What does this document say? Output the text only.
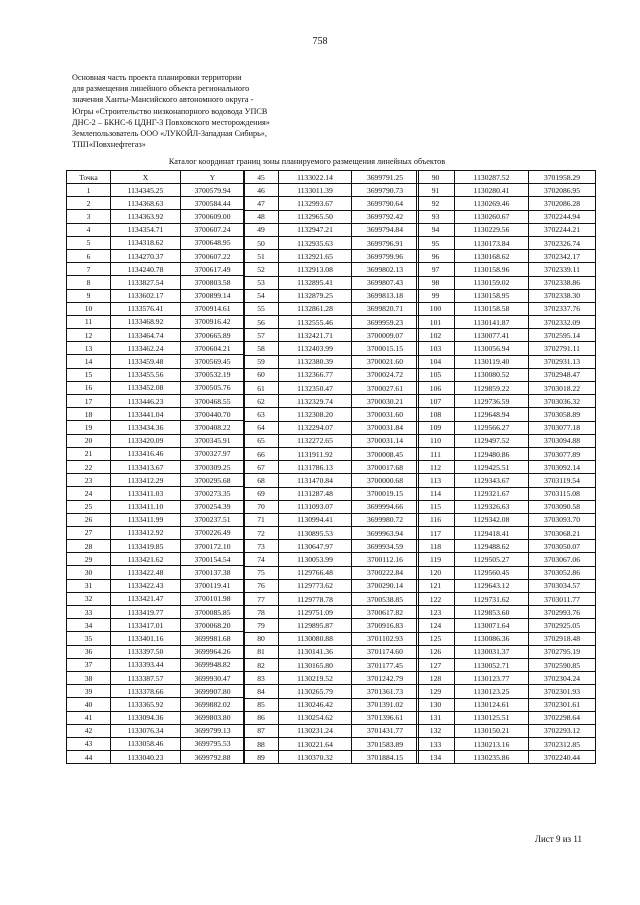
758
Основная часть проекта планировки территории
для размещения линейного объекта регионального
значения Ханты-Мансийского автономного округа -
Югры «Строительство низконапорного водовода УПСВ
ДНС-2 – БКНС-6 ЦДНГ-3 Повховского месторождения»
Землепользователь ООО «ЛУКОЙЛ-Западная Сибирь»,
ТПП«Повхнефтегаз»
Каталог координат границ зоны планируемого размещения линейных объектов
Точка	X	Y
1	1134345.25	3700579.94
2	1134368.63	3700584.44
3	1134363.92	3700609.00
4	1134354.71	3700607.24
5	1134318.62	3700648.95
6	1134270.37	3700607.22
7	1134240.78	3700617.49
8	1133827.54	3700803.58
9	1133602.17	3700899.14
10	1133576.41	3700914.61
11	1133468.92	3700916.42
12	1133464.74	3700665.89
13	1133462.24	3700604.21
14	1133459.48	3700569.45
15	1133455.56	3700532.19
16	1133452.08	3700505.76
17	1133446.23	3700468.55
18	1133441.04	3700440.70
19	1133434.36	3700408.22
20	1133420.09	3700345.91
21	1133416.46	3700327.97
22	1133413.67	3700309.25
23	1133412.29	3700295.68
24	1133411.03	3700273.35
25	1133411.10	3700254.39
26	1133411.99	3700237.51
27	1133412.92	3700226.49
28	1133419.85	3700172.10
29	1133421.62	3700154.54
30	1133422.48	3700137.38
31	1133422.43	3700119.41
32	1133421.47	3700101.98
33	1133419.77	3700085.85
34	1133417.01	3700068.20
35	1133401.16	3699981.68
36	1133397.50	3699964.26
37	1133393.44	3699948.82
38	1133387.57	3699930.47
39	1133378.66	3699907.80
40	1133365.92	3699882.02
41	1133094.36	3699803.80
42	1133076.34	3699799.13
43	1133058.46	3699795.53
44	1133040.23	3699792.88
45	1133022.14	3699791.25
46	1133011.39	3699790.73
47	1132993.67	3699790.64
48	1132965.50	3699792.42
49	1132947.21	3699794.84
50	1132935.63	3699796.91
51	1132921.65	3699799.96
52	1132913.08	3699802.13
53	1132895.41	3699807.43
54	1132879.25	3699813.18
55	1132861.28	3699820.71
56	1132555.46	3699959.23
57	1132421.71	3700009.07
58	1132403.99	3700015.15
59	1132380.39	3700021.60
60	1132366.77	3700024.72
61	1132350.47	3700027.61
62	1132329.74	3700030.21
63	1132308.20	3700031.60
64	1132294.07	3700031.84
65	1132272.65	3700031.14
66	1131911.92	3700008.45
67	1131786.13	3700017.68
68	1131470.84	3700000.68
69	1131287.48	3700019.15
70	1131093.07	3699994.66
71	1130994.41	3699980.72
72	1130895.53	3699963.94
73	1130647.97	3699934.59
74	1130053.99	3700112.16
75	1129766.48	3700222.84
76	1129773.62	3700290.14
77	1129778.78	3700538.85
78	1129751.09	3700617.82
79	1129895.87	3700916.83
80	1130080.88	3701102.93
81	1130141.36	3701174.60
82	1130165.80	3701177.45
83	1130219.52	3701242.79
84	1130265.79	3701361.73
85	1130246.42	3701391.02
86	1130254.62	3701396.61
87	1130231.24	3701431.77
88	1130221.64	3701583.89
89	1130370.32	3701884.15
90	1130287.52	3701958.29
91	1130280.41	3702086.95
92	1130269.46	3702086.28
93	1130260.67	3702244.94
94	1130229.56	3702244.21
95	1130173.84	3702326.74
96	1130168.62	3702342.17
97	1130158.96	3702339.11
98	1130159.02	3702338.86
99	1130158.95	3702338.30
100	1130158.58	3702337.76
101	1130141.87	3702332.09
102	1130077.41	3702595.14
103	1130056.94	3702791.11
104	1130119.40	3702931.13
105	1130080.52	3702948.47
106	1129859.22	3703018.22
107	1129736.59	3703036.32
108	1129648.94	3703058.89
109	1129566.27	3703077.18
110	1129497.52	3703094.88
111	1129480.86	3703077.89
112	1129425.51	3703092.14
113	1129343.67	3703119.54
114	1129321.67	3703115.08
115	1129326.63	3703090.58
116	1129342.08	3703093.70
117	1129418.41	3703068.21
118	1129488.62	3703050.07
119	1129505.27	3703067.06
120	1129560.45	3703052.86
121	1129643.12	3703034.57
122	1129731.62	3703011.77
123	1129853.60	3702993.76
124	1130071.64	3702925.05
125	1130086.36	3702918.48
126	1130031.37	3702795.19
127	1130052.71	3702590.85
128	1130123.77	3702304.24
129	1130123.25	3702301.93
130	1130124.61	3702301.61
131	1130125.51	3702298.64
132	1130150.21	3702293.12
133	1130213.16	3702312.85
134	1130235.86	3702240.44
Лист 9 из 11
